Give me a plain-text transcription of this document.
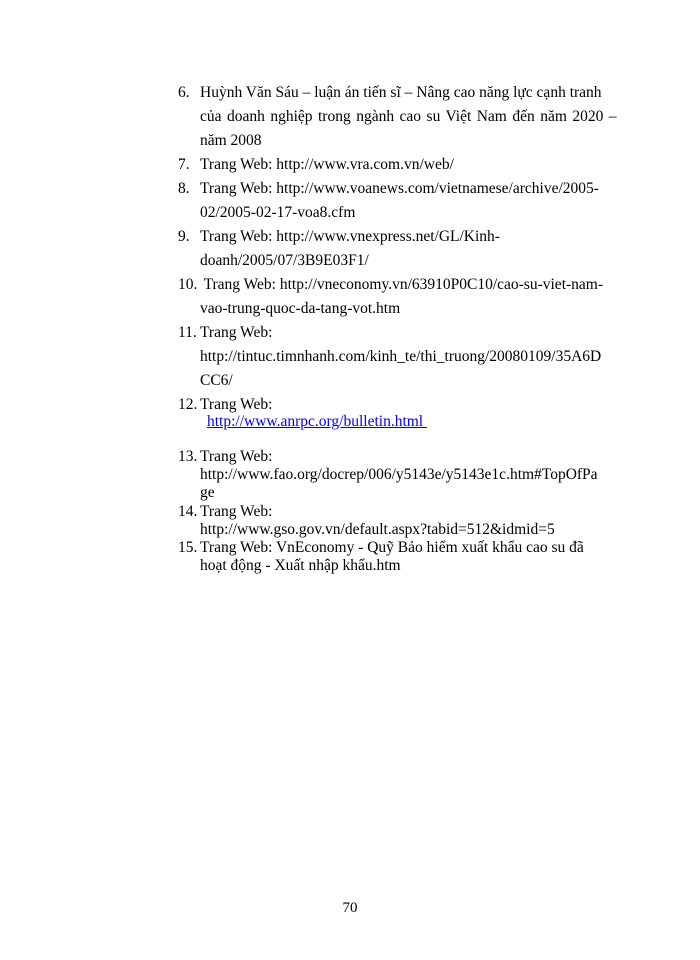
6. Huỳnh Văn Sáu – luận án tiến sĩ – Nâng cao năng lực cạnh tranh
của doanh nghiệp trong ngành cao su Việt Nam đến năm 2020 –
năm 2008
7. Trang Web: http://www.vra.com.vn/web/
8. Trang Web: http://www.voanews.com/vietnamese/archive/2005-
02/2005-02-17-voa8.cfm
9. Trang Web: http://www.vnexpress.net/GL/Kinh-
doanh/2005/07/3B9E03F1/
10. Trang Web: http://vneconomy.vn/63910P0C10/cao-su-viet-nam-
vao-trung-quoc-da-tang-vot.htm
11. Trang Web:
http://tintuc.timnhanh.com/kinh_te/thi_truong/20080109/35A6D
CC6/
12. Trang Web:
http://www.anrpc.org/bulletin.html
13. Trang Web:
http://www.fao.org/docrep/006/y5143e/y5143e1c.htm#TopOfPa
ge
14. Trang Web:
http://www.gso.gov.vn/default.aspx?tabid=512&idmid=5
15. Trang Web: VnEconomy - Quỹ Bảo hiểm xuất khẩu cao su đã
hoạt động - Xuất nhập khẩu.htm
70
